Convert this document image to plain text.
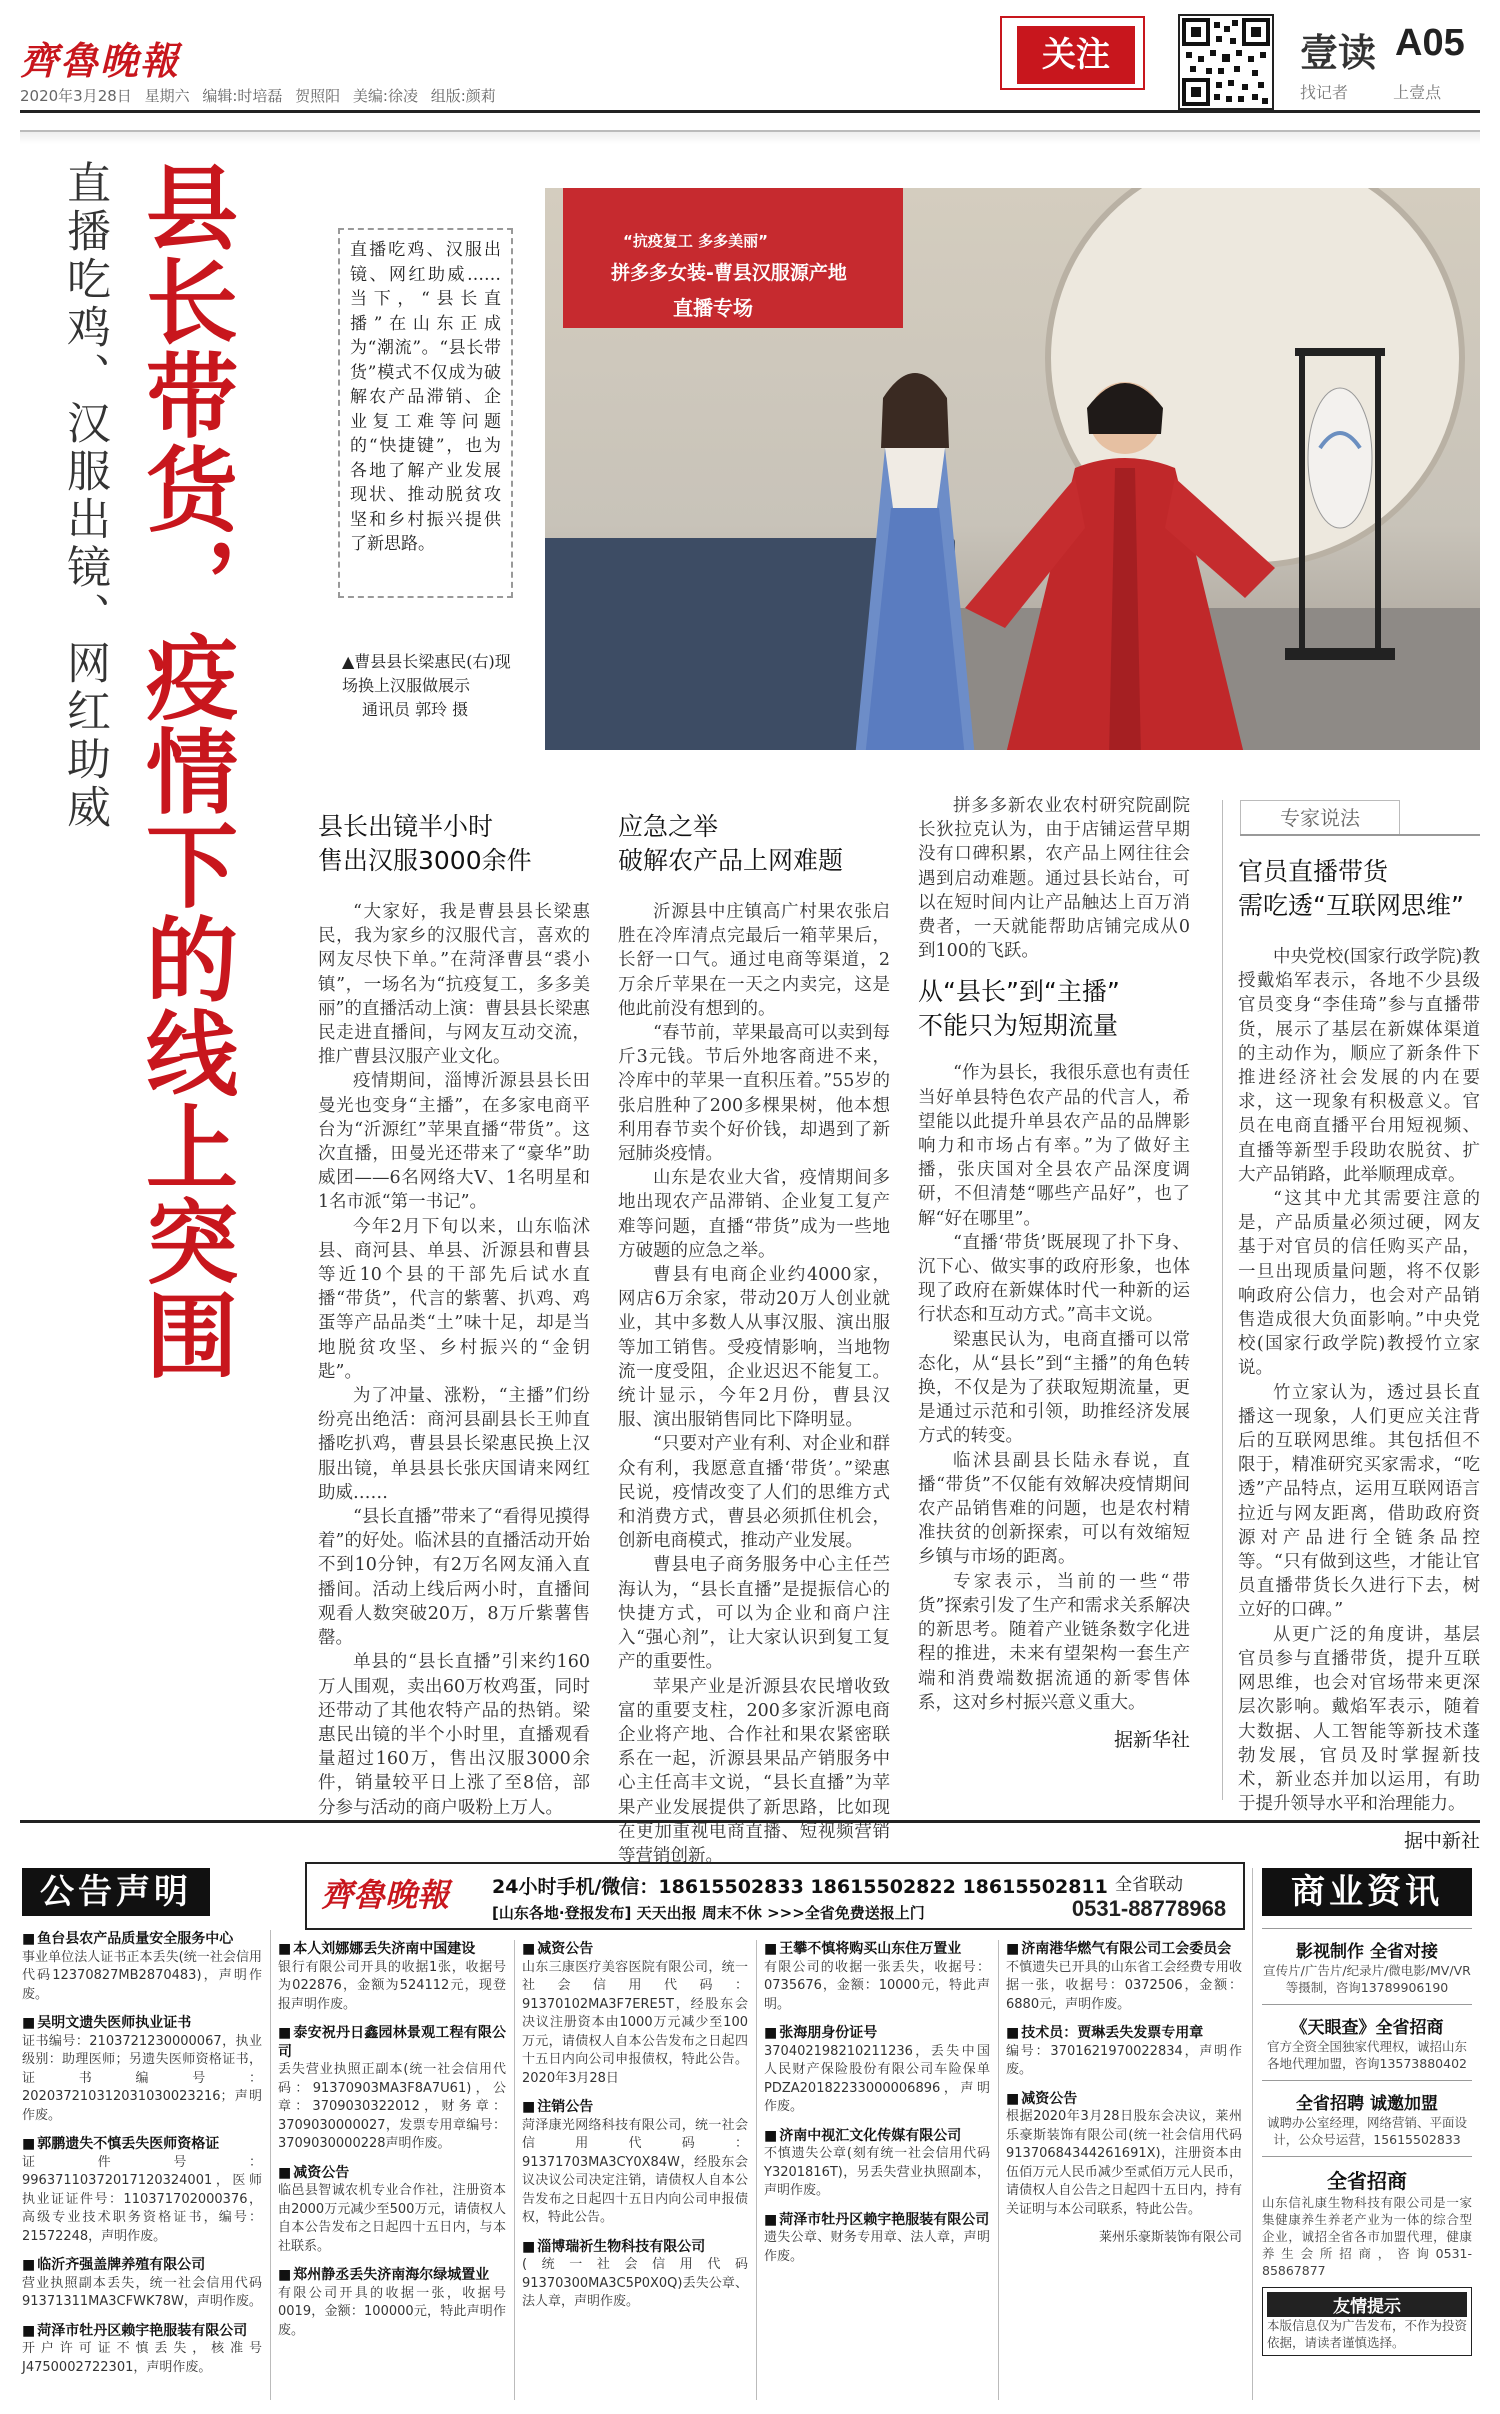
齊魯晚報
2020年3月28日 星期六 编辑:时培磊 贺照阳 美编:徐凌 组版:颜莉
关注	壹读 A05
找记者 上壹点
直播吃鸡、汉服出镜、网红助威 县长带货，疫情下的线上突围	直播吃鸡、汉服出镜、网红助威……当下，“县长直播”在山东正成为“潮流”。“县长带货”模式不仅成为破解农产品滞销、企业复工难等问题的“快捷键”，也为各地了解产业发展现状、推动脱贫攻坚和乡村振兴提供了新思路。
▲曹县县长梁惠民(右)现场换上汉服做展示
通讯员 郭玲 摄
“抗疫复工 多多美丽”
拼多多女装-曹县汉服源产地
直播专场
县长出镜半小时
售出汉服3000余件

“大家好，我是曹县县长梁惠民，我为家乡的汉服代言，喜欢的网友尽快下单。”在菏泽曹县“裘小镇”，一场名为“抗疫复工，多多美丽”的直播活动上演：曹县县长梁惠民走进直播间，与网友互动交流，推广曹县汉服产业文化。

疫情期间，淄博沂源县县长田曼光也变身“主播”，在多家电商平台为“沂源红”苹果直播“带货”。这次直播，田曼光还带来了“豪华”助威团——6名网络大V、1名明星和1名市派“第一书记”。

今年2月下旬以来，山东临沭县、商河县、单县、沂源县和曹县等近10个县的干部先后试水直播“带货”，代言的紫薯、扒鸡、鸡蛋等产品品类“土”味十足，却是当地脱贫攻坚、乡村振兴的“金钥匙”。

为了冲量、涨粉，“主播”们纷纷亮出绝活：商河县副县长王帅直播吃扒鸡，曹县县长梁惠民换上汉服出镜，单县县长张庆国请来网红助威……

“县长直播”带来了“看得见摸得着”的好处。临沭县的直播活动开始不到10分钟，有2万名网友涌入直播间。活动上线后两小时，直播间观看人数突破20万，8万斤紫薯售罄。

单县的“县长直播”引来约160万人围观，卖出60万枚鸡蛋，同时还带动了其他农特产品的热销。梁惠民出镜的半个小时里，直播观看量超过160万，售出汉服3000余件，销量较平日上涨了至8倍，部分参与活动的商户吸粉上万人。

应急之举
破解农产品上网难题

沂源县中庄镇高广村果农张启胜在冷库清点完最后一箱苹果后，长舒一口气。通过电商等渠道，2万余斤苹果在一天之内卖完，这是他此前没有想到的。

“春节前，苹果最高可以卖到每斤3元钱。节后外地客商进不来，冷库中的苹果一直积压着。”55岁的张启胜种了200多棵果树，他本想利用春节卖个好价钱，却遇到了新冠肺炎疫情。

山东是农业大省，疫情期间多地出现农产品滞销、企业复工复产难等问题，直播“带货”成为一些地方破题的应急之举。

曹县有电商企业约4000家，网店6万余家，带动20万人创业就业，其中多数人从事汉服、演出服等加工销售。受疫情影响，当地物流一度受阻，企业迟迟不能复工。统计显示，今年2月份，曹县汉服、演出服销售同比下降明显。

“只要对产业有利、对企业和群众有利，我愿意直播‘带货’。”梁惠民说，疫情改变了人们的思维方式和消费方式，曹县必须抓住机会，创新电商模式，推动产业发展。

曹县电子商务服务中心主任苎海认为，“县长直播”是提振信心的快捷方式，可以为企业和商户注入“强心剂”，让大家认识到复工复产的重要性。

苹果产业是沂源县农民增收致富的重要支柱，200多家沂源电商企业将产地、合作社和果农紧密联系在一起，沂源县果品产销服务中心主任高丰文说，“县长直播”为苹果产业发展提供了新思路，比如现在更加重视电商直播、短视频营销等营销创新。

拼多多新农业农村研究院副院长狄拉克认为，由于店铺运营早期没有口碑积累，农产品上网往往会遇到启动难题。通过县长站台，可以在短时间内让产品触达上百万消费者，一天就能帮助店铺完成从0到100的飞跃。

从“县长”到“主播”
不能只为短期流量

“作为县长，我很乐意也有责任当好单县特色农产品的代言人，希望能以此提升单县农产品的品牌影响力和市场占有率。”为了做好主播，张庆国对全县农产品深度调研，不但清楚“哪些产品好”，也了解“好在哪里”。

“直播‘带货’既展现了扑下身、沉下心、做实事的政府形象，也体现了政府在新媒体时代一种新的运行状态和互动方式。”高丰文说。

梁惠民认为，电商直播可以常态化，从“县长”到“主播”的角色转换，不仅是为了获取短期流量，更是通过示范和引领，助推经济发展方式的转变。

临沭县副县长陆永春说，直播“带货”不仅能有效解决疫情期间农产品销售难的问题，也是农村精准扶贫的创新探索，可以有效缩短乡镇与市场的距离。

专家表示，当前的一些“带货”探索引发了生产和需求关系解决的新思考。随着产业链条数字化进程的推进，未来有望架构一套生产端和消费端数据流通的新零售体系，这对乡村振兴意义重大。

据新华社
专家说法
官员直播带货
需吃透“互联网思维”

中央党校(国家行政学院)教授戴焰军表示，各地不少县级官员变身“李佳琦”参与直播带货，展示了基层在新媒体渠道的主动作为，顺应了新条件下推进经济社会发展的内在要求，这一现象有积极意义。官员在电商直播平台用短视频、直播等新型手段助农脱贫、扩大产品销路，此举顺理成章。

“这其中尤其需要注意的是，产品质量必须过硬，网友基于对官员的信任购买产品，一旦出现质量问题，将不仅影响政府公信力，也会对产品销售造成很大负面影响。”中央党校(国家行政学院)教授竹立家说。

竹立家认为，透过县长直播这一现象，人们更应关注背后的互联网思维。其包括但不限于，精准研究买家需求，“吃透”产品特点，运用互联网语言拉近与网友距离，借助政府资源对产品进行全链条品控等。“只有做到这些，才能让官员直播带货长久进行下去，树立好的口碑。”

从更广泛的角度讲，基层官员参与直播带货，提升互联网思维，也会对官场带来更深层次影响。戴焰军表示，随着大数据、人工智能等新技术蓬勃发展，官员及时掌握新技术，新业态并加以运用，有助于提升领导水平和治理能力。

据中新社
公告声明	商业资讯
齊魯晚報 24小时手机/微信：18615502833 18615502822 18615502811
[山东各地·登报发布] 天天出报 周末不休 >>>全省免费送报上门
全省联动
0531-88778968
■ 鱼台县农产品质量安全服务中心
事业单位法人证书正本丢失(统一社会信用代码12370827MB2870483)，声明作废。
■ 吴明文遗失医师执业证书
证书编号：2103721230000067，执业级别：助理医师；另遗失医师资格证书，证书编号：202037210312031030023216；声明作废。
■ 郭鹏遗失不慎丢失医师资格证
证件号：99637110372017120324001，医师执业证证件号：110371702000376，高级专业技术职务资格证书，编号：21572248，声明作废。
■ 临沂齐强盖牌养殖有限公司
营业执照副本丢失，统一社会信用代码91371311MA3CFWK78W，声明作废。
■ 菏泽市牡丹区赖宇艳服装有限公司
开户许可证不慎丢失，核准号J4750002722301，声明作废。
■ 本人刘娜娜丢失济南中国建设
银行有限公司开具的收据1张，收据号为022876，金额为524112元，现登报声明作废。
■ 泰安祝丹日鑫园林景观工程有限公司
丢失营业执照正副本(统一社会信用代码：91370903MA3F8A7U61)，公章：3709030322012，财务章：3709030000027，发票专用章编号：3709030000228声明作废。
■ 减资公告
临邑县智诚农机专业合作社，注册资本由2000万元减少至500万元，请债权人自本公告发布之日起四十五日内，与本社联系。
■ 郑州静丞丢失济南海尔绿城置业
有限公司开具的收据一张，收据号0019，金额：100000元，特此声明作废。
■ 减资公告
山东三康医疗美容医院有限公司，统一社会信用代码：91370102MA3F7ERE5T，经股东会决议注册资本由1000万元减少至100万元，请债权人自本公告发布之日起四十五日内向公司申报债权，特此公告。2020年3月28日
■ 注销公告
菏泽康光网络科技有限公司，统一社会信用代码：91371703MA3CY0X84W，经股东会议决议公司决定注销，请债权人自本公告发布之日起四十五日内向公司申报债权，特此公告。
■ 淄博瑞祈生物科技有限公司
(统一社会信用代码91370300MA3C5P0X0Q)丢失公章、法人章，声明作废。
■ 王攀不慎将购买山东住万置业
有限公司的收据一张丢失，收据号：0735676，金额：10000元，特此声明。
■ 张海朋身份证号
370402198210211236，丢失中国人民财产保险股份有限公司车险保单PDZA20182233000006896，声明作废。
■ 济南中视汇文化传媒有限公司
不慎遗失公章(刻有统一社会信用代码Y3201816T)，另丢失营业执照副本，声明作废。
■ 菏泽市牡丹区赖宇艳服装有限公司
遗失公章、财务专用章、法人章，声明作废。
■ 济南港华燃气有限公司工会委员会
不慎遗失已开具的山东省工会经费专用收据一张，收据号：0372506，金额：6880元，声明作废。
■ 技术员：贾琳丢失发票专用章
编号：3701621970022834，声明作废。
■ 减资公告
根据2020年3月28日股东会决议，莱州乐豪斯装饰有限公司(统一社会信用代码91370684344261691X)，注册资本由伍佰万元人民币减少至贰佰万元人民币，请债权人自公告之日起四十五日内，持有关证明与本公司联系，特此公告。
莱州乐豪斯装饰有限公司
影视制作 全省对接
宣传片/广告片/纪录片/微电影/MV/VR等摄制，咨询13789906190
《天眼查》全省招商
官方全资全国独家代理权，诚招山东各地代理加盟，咨询13573880402
全省招聘 诚邀加盟
诚聘办公室经理，网络营销、平面设计，公众号运营，15615502833
全省招商
山东信礼康生物科技有限公司是一家集健康养生养老产业为一体的综合型企业，诚招全省各市加盟代理，健康养生会所招商，咨询0531-85867877
友情提示
本版信息仅为广告发布，不作为投资依据，请读者谨慎选择。
